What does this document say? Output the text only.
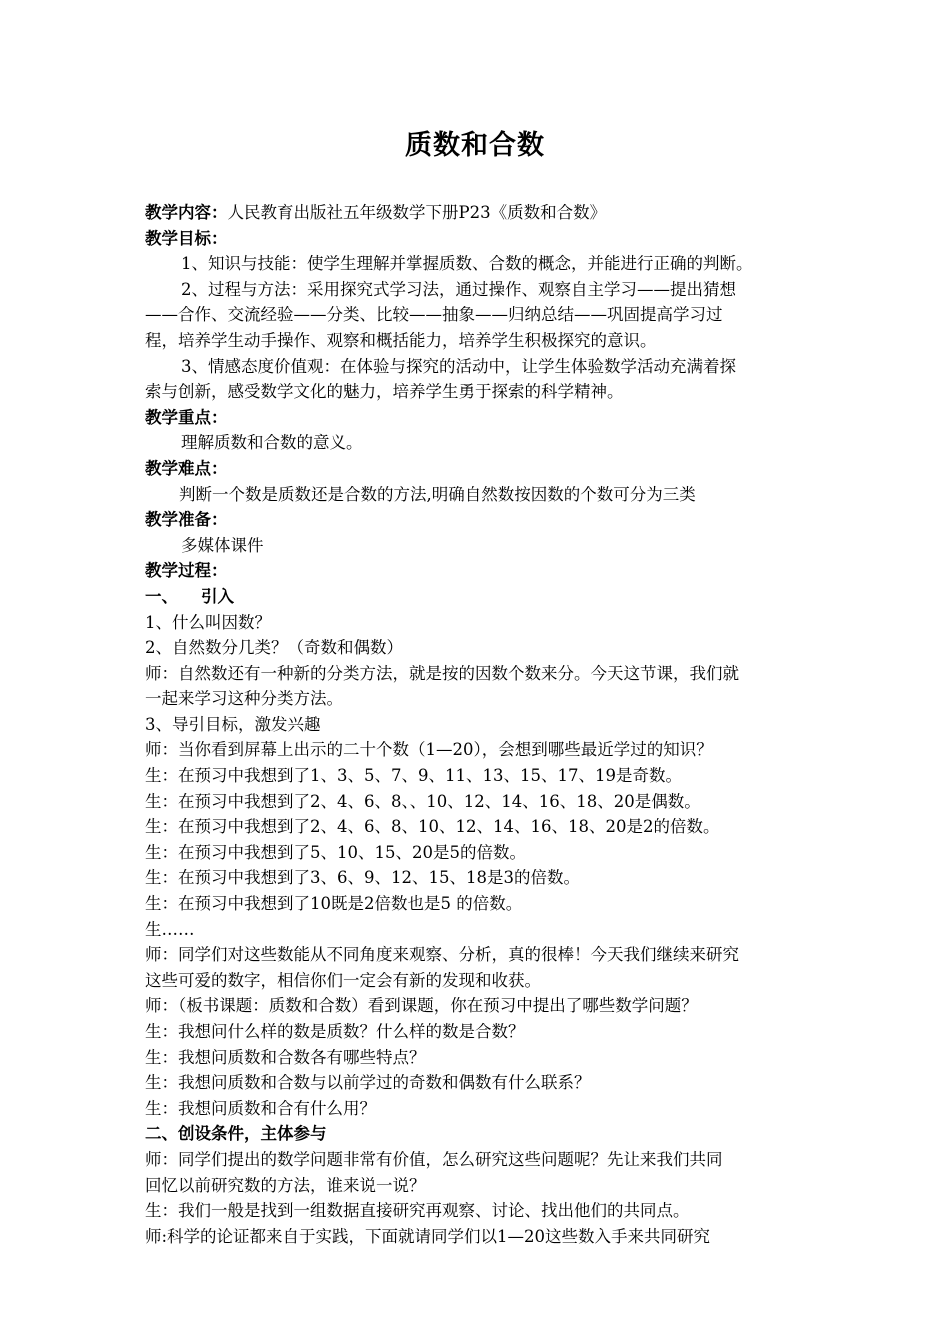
质数和合数
教学内容：人民教育出版社五年级数学下册P23《质数和合数》
教学目标：
1、知识与技能：使学生理解并掌握质数、合数的概念，并能进行正确的判断。
2、过程与方法：采用探究式学习法，通过操作、观察自主学习——提出猜想
——合作、交流经验——分类、比较——抽象——归纳总结——巩固提高学习过
程，培养学生动手操作、观察和概括能力，培养学生积极探究的意识。
3、情感态度价值观：在体验与探究的活动中，让学生体验数学活动充满着探
索与创新，感受数学文化的魅力，培养学生勇于探索的科学精神。
教学重点：
理解质数和合数的意义。
教学难点：
判断一个数是质数还是合数的方法,明确自然数按因数的个数可分为三类
教学准备：
多媒体课件
教学过程：
一、    引入
1、什么叫因数？
2、自然数分几类？（奇数和偶数）
师：自然数还有一种新的分类方法，就是按的因数个数来分。今天这节课，我们就
一起来学习这种分类方法。
3、导引目标，激发兴趣
师：当你看到屏幕上出示的二十个数（1—20），会想到哪些最近学过的知识？
生：在预习中我想到了1、3、5、7、9、11、13、15、17、19是奇数。
生：在预习中我想到了2、4、6、8、、10、12、14、16、18、20是偶数。
生：在预习中我想到了2、4、6、8、10、12、14、16、18、20是2的倍数。
生：在预习中我想到了5、10、15、20是5的倍数。
生：在预习中我想到了3、6、9、12、15、18是3的倍数。
生：在预习中我想到了10既是2倍数也是5 的倍数。
生……
师：同学们对这些数能从不同角度来观察、分析，真的很棒！今天我们继续来研究
这些可爱的数字，相信你们一定会有新的发现和收获。
师：（板书课题：质数和合数）看到课题，你在预习中提出了哪些数学问题？
生：我想问什么样的数是质数？什么样的数是合数？
生：我想问质数和合数各有哪些特点？
生：我想问质数和合数与以前学过的奇数和偶数有什么联系？
生：我想问质数和合有什么用？
二、创设条件，主体参与
师：同学们提出的数学问题非常有价值，怎么研究这些问题呢？先让来我们共同
回忆以前研究数的方法，谁来说一说？
生：我们一般是找到一组数据直接研究再观察、讨论、找出他们的共同点。
师:科学的论证都来自于实践，下面就请同学们以1—20这些数入手来共同研究
